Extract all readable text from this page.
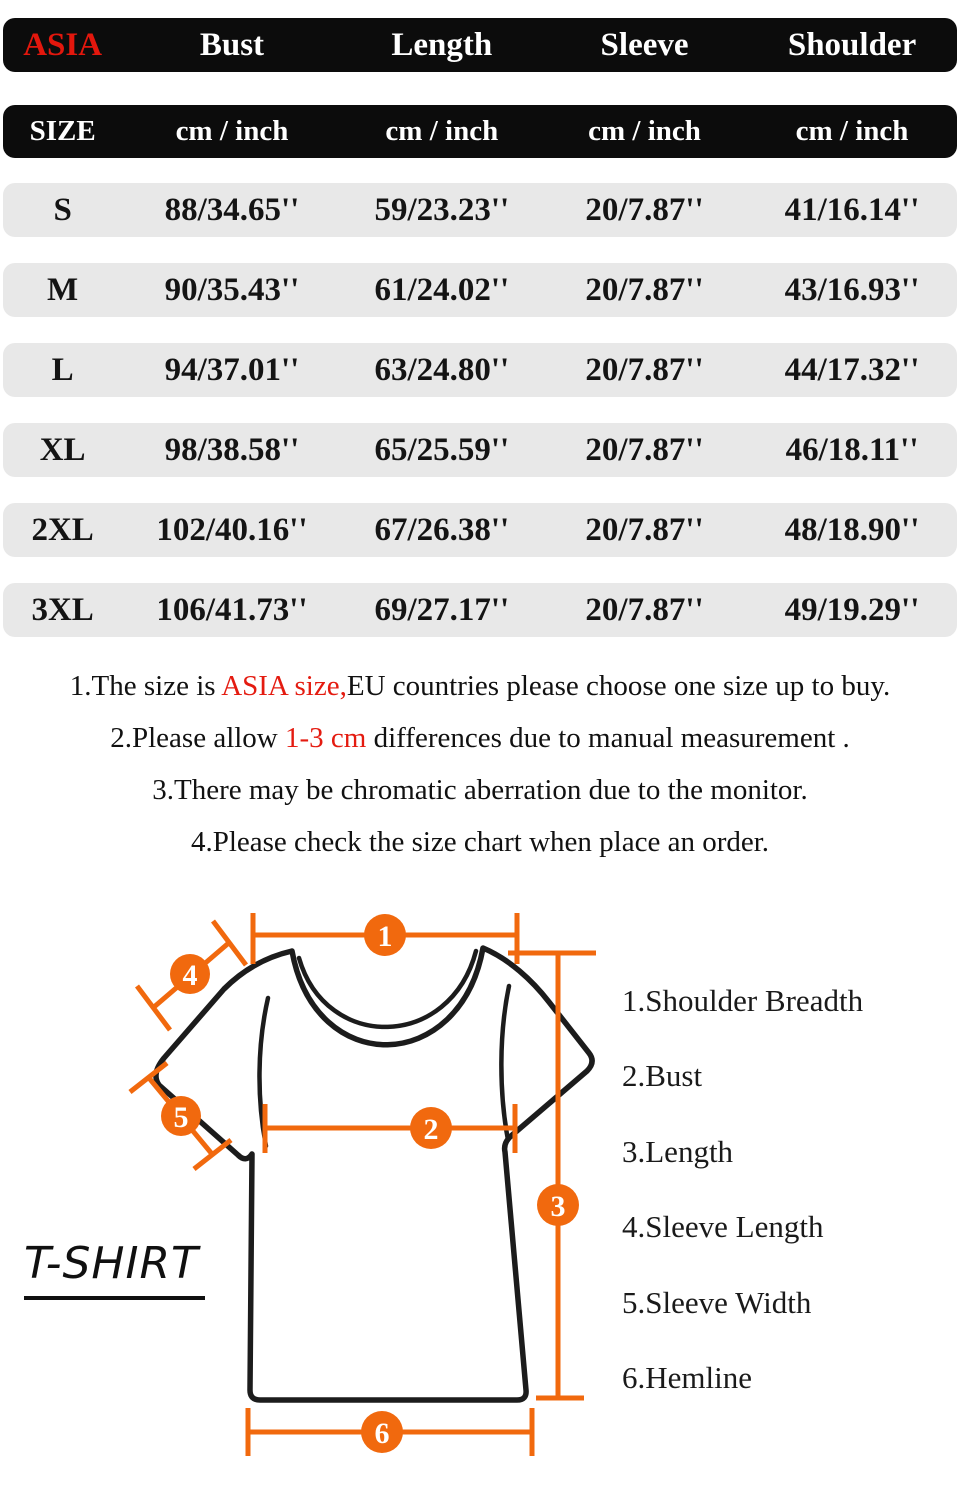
ASIA	Bust	Length	Sleeve	Shoulder
SIZE	cm / inch	cm / inch	cm / inch	cm / inch
S	88/34.65''	59/23.23''	20/7.87''	41/16.14''
M	90/35.43''	61/24.02''	20/7.87''	43/16.93''
L	94/37.01''	63/24.80''	20/7.87''	44/17.32''
XL	98/38.58''	65/25.59''	20/7.87''	46/18.11''
2XL	102/40.16''	67/26.38''	20/7.87''	48/18.90''
3XL	106/41.73''	69/27.17''	20/7.87''	49/19.29''
1.The size is ASIA size,EU countries please choose one size up to buy.
2.Please allow 1-3 cm differences due to manual measurement .
3.There may be chromatic aberration due to the monitor.
4.Please check the size chart when place an order.
1
2
3
4
5
6
1.Shoulder Breadth
2.Bust
3.Length
4.Sleeve Length
5.Sleeve Width
6.Hemline
T-SHIRT
